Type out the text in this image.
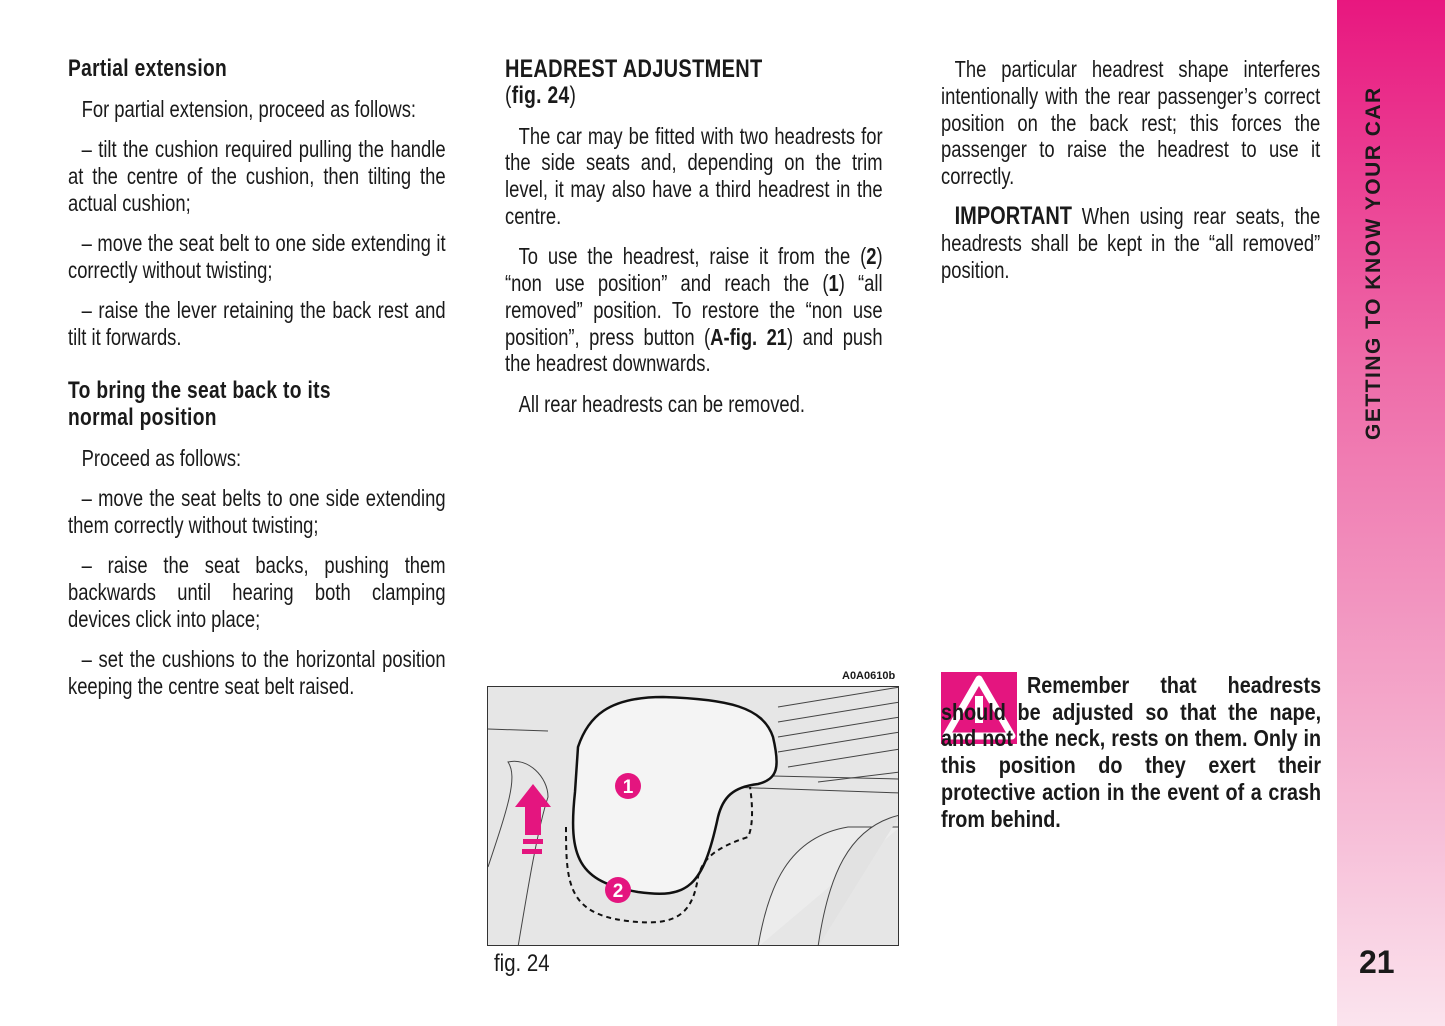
Partial extension

For partial extension, proceed as follows:

– tilt the cushion required pulling the handle at the centre of the cushion, then tilting the actual cushion;

– move the seat belt to one side extending it correctly without twisting;

– raise the lever retaining the back rest and tilt it forwards.

To bring the seat back to its normal position

Proceed as follows:

– move the seat belts to one side extending them correctly without twisting;

– raise the seat backs, pushing them backwards until hearing both clamping devices click into place;

– set the cushions to the horizontal position keeping the centre seat belt raised.

HEADREST ADJUSTMENT
(fig. 24)

The car may be fitted with two headrests for the side seats and, depending on the trim level, it may also have a third headrest in the centre.

To use the headrest, raise it from the (2) “non use position” and reach the (1) “all removed” position. To restore the “non use position”, press button (A-fig. 21) and push the headrest downwards.

All rear headrests can be removed.

The particular headrest shape interferes intentionally with the rear passenger’s correct position on the back rest; this forces the passenger to raise the headrest to use it correctly.

IMPORTANT When using rear seats, the headrests shall be kept in the “all removed” position.

Remember that headrests should be adjusted so that the nape, and not the neck, rests on them. Only in this position do they exert their protective action in the event of a crash from behind.
A0A0610b
1
2
fig. 24
GETTING TO KNOW YOUR CAR
21
